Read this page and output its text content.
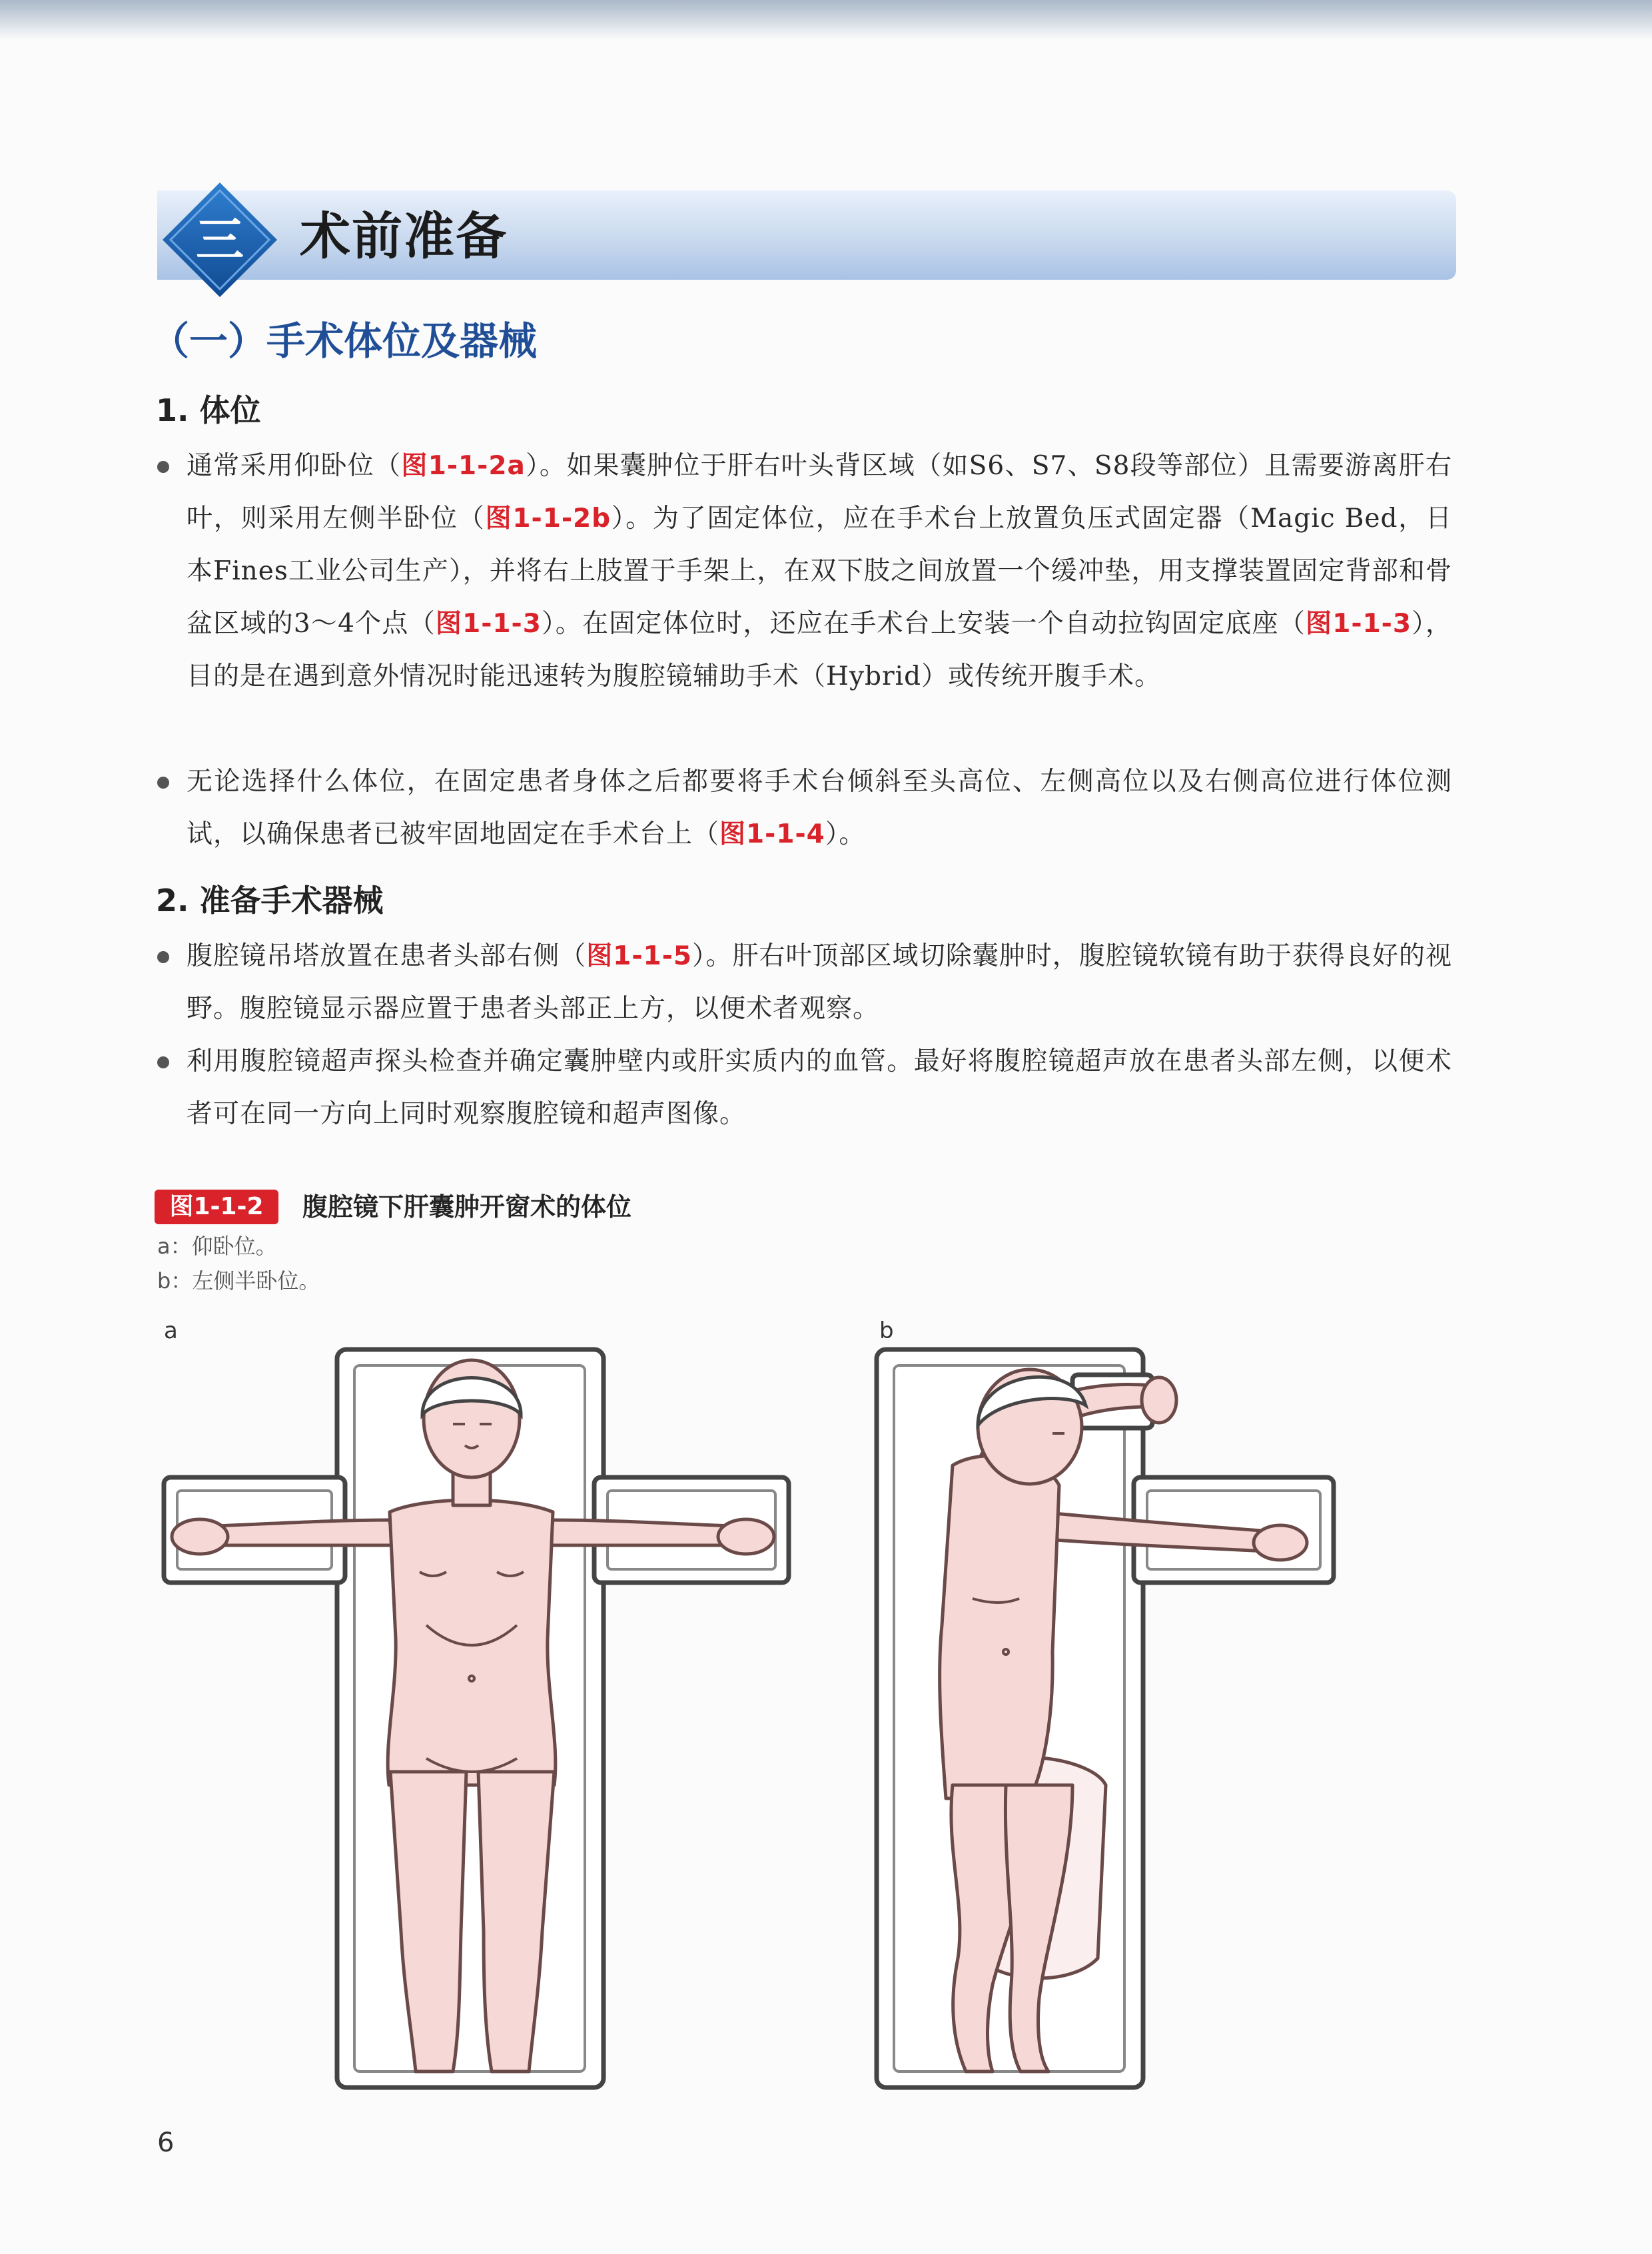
三	术前准备
（一）手术体位及器械
1. 体位
通常采用仰卧位（图1-1-2a）。如果囊肿位于肝右叶头背区域（如S6、S7、S8段等部位）且需要游离肝右叶，则采用左侧半卧位（图1-1-2b）。为了固定体位，应在手术台上放置负压式固定器（Magic Bed，日本Fines工业公司生产），并将右上肢置于手架上，在双下肢之间放置一个缓冲垫，用支撑装置固定背部和骨盆区域的3～4个点（图1-1-3）。在固定体位时，还应在手术台上安装一个自动拉钩固定底座（图1-1-3），目的是在遇到意外情况时能迅速转为腹腔镜辅助手术（Hybrid）或传统开腹手术。
无论选择什么体位，在固定患者身体之后都要将手术台倾斜至头高位、左侧高位以及右侧高位进行体位测试，以确保患者已被牢固地固定在手术台上（图1-1-4）。
2. 准备手术器械
腹腔镜吊塔放置在患者头部右侧（图1-1-5）。肝右叶顶部区域切除囊肿时，腹腔镜软镜有助于获得良好的视野。腹腔镜显示器应置于患者头部正上方，以便术者观察。
利用腹腔镜超声探头检查并确定囊肿壁内或肝实质内的血管。最好将腹腔镜超声放在患者头部左侧，以便术者可在同一方向上同时观察腹腔镜和超声图像。
图1-1-2	腹腔镜下肝囊肿开窗术的体位
a：仰卧位。
b：左侧半卧位。
a	b
6
